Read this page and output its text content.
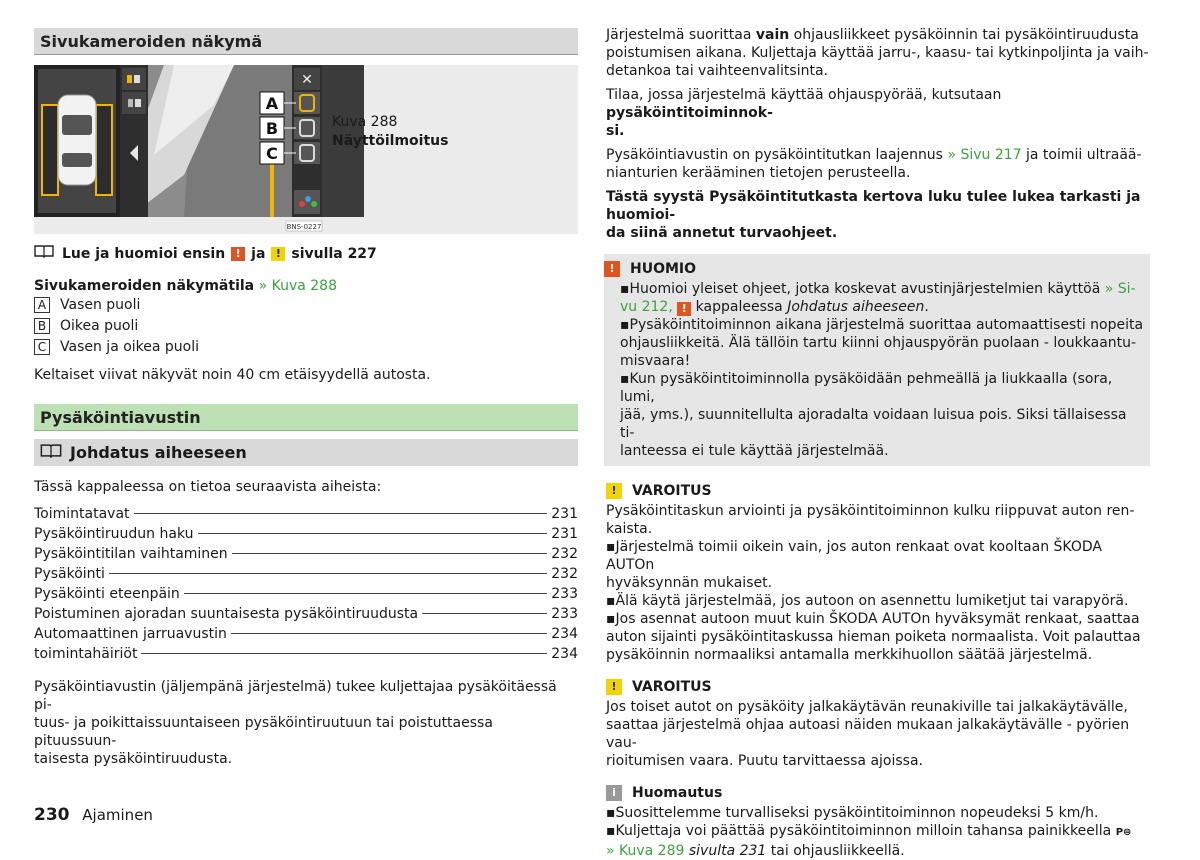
Sivukameroiden näkymä
✕
A
B
C
BNS-0227
Kuva 288
Näyttöilmoitus

Lue ja huomioi ensin ! ja ! sivulla 227

Sivukameroiden näkymätila » Kuva 288

A Vasen puoli

B Oikea puoli

C Vasen ja oikea puoli

Keltaiset viivat näkyvät noin 40 cm etäisyydellä autosta.

Pysäköintiavustin
Johdatus aiheeseen

Tässä kappaleessa on tietoa seuraavista aiheista:

Toimintatavat	231
Pysäköintiruudun haku	231
Pysäköintitilan vaihtaminen	232
Pysäköinti	232
Pysäköinti eteenpäin	233
Poistuminen ajoradan suuntaisesta pysäköintiruudusta	233
Automaattinen jarruavustin	234
toimintahäiriöt	234

Pysäköintiavustin (jäljempänä järjestelmä) tukee kuljettajaa pysäköitäessä pi-

tuus- ja poikittaissuuntaiseen pysäköintiruutuun tai poistuttaessa pituussuun-

taisesta pysäköintiruudusta.

Järjestelmä suorittaa vain ohjausliikkeet pysäköinnin tai pysäköintiruudusta

poistumisen aikana. Kuljettaja käyttää jarru-, kaasu- tai kytkinpoljinta ja vaih-

detankoa tai vaihteenvalitsinta.

Tilaa, jossa järjestelmä käyttää ohjauspyörää, kutsutaan pysäköintitoiminnok-

si.

Pysäköintiavustin on pysäköintitutkan laajennus » Sivu 217 ja toimii ultraää-

nianturien kerääminen tietojen perusteella.

Tästä syystä Pysäköintitutkasta kertova luku tulee lukea tarkasti ja huomioi-

da siinä annetut turvaohjeet.

!	HUOMIO

▪ Huomioi yleiset ohjeet, jotka koskevat avustinjärjestelmien käyttöä » Si-

vu 212, ! kappaleessa Johdatus aiheeseen.

▪ Pysäköintitoiminnon aikana järjestelmä suorittaa automaattisesti nopeita

ohjausliikkeitä. Älä tällöin tartu kiinni ohjauspyörän puolaan - loukkaantu-

misvaara!

▪ Kun pysäköintitoiminnolla pysäköidään pehmeällä ja liukkaalla (sora, lumi,

jää, yms.), suunnitellulta ajoradalta voidaan luisua pois. Siksi tällaisessa ti-

lanteessa ei tule käyttää järjestelmää.

!	VAROITUS

Pysäköintitaskun arviointi ja pysäköintitoiminnon kulku riippuvat auton ren-

kaista.

▪ Järjestelmä toimii oikein vain, jos auton renkaat ovat kooltaan ŠKODA AUTOn

hyväksynnän mukaiset.

▪ Älä käytä järjestelmää, jos autoon on asennettu lumiketjut tai varapyörä.

▪ Jos asennat autoon muut kuin ŠKODA AUTOn hyväksymät renkaat, saattaa

auton sijainti pysäköintitaskussa hieman poiketa normaalista. Voit palauttaa

pysäköinnin normaaliksi antamalla merkkihuollon säätää järjestelmä.

!	VAROITUS

Jos toiset autot on pysäköity jalkakäytävän reunakiville tai jalkakäytävälle,

saattaa järjestelmä ohjaa autoasi näiden mukaan jalkakäytävälle - pyörien vau-

rioitumisen vaara. Puutu tarvittaessa ajoissa.

i	Huomautus

▪ Suosittelemme turvalliseksi pysäköintitoiminnon nopeudeksi 5 km/h.

▪ Kuljettaja voi päättää pysäköintitoiminnon milloin tahansa painikkeella P⊜

» Kuva 289 sivulta 231 tai ohjausliikkeellä.

230 Ajaminen
